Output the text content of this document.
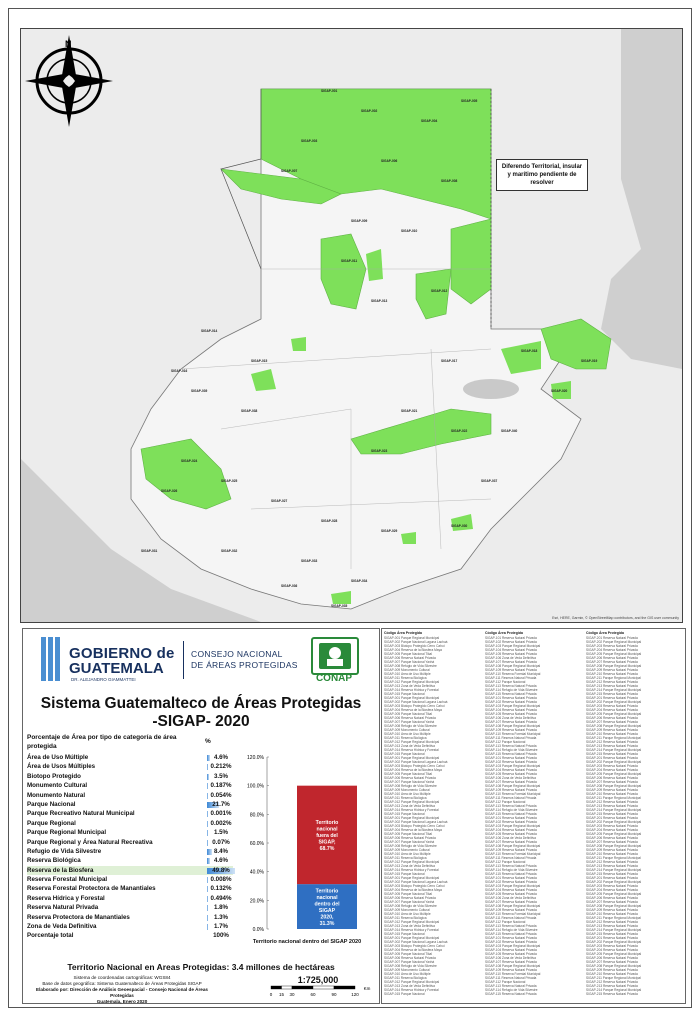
N
Diferendo Territorial, insular y marítimo pendiente de resolver
Esri, HERE, Garmin, © OpenStreetMap contributors, and the GIS user community
SIGAP-001
SIGAP-002
SIGAP-003
SIGAP-004
SIGAP-005
SIGAP-006
SIGAP-007
SIGAP-008
SIGAP-009
SIGAP-010
SIGAP-011
SIGAP-012
SIGAP-013
SIGAP-014
SIGAP-015
SIGAP-016
SIGAP-017
SIGAP-018
SIGAP-019
SIGAP-020
SIGAP-021
SIGAP-022
SIGAP-023
SIGAP-024
SIGAP-025
SIGAP-026
SIGAP-027
SIGAP-028
SIGAP-029
SIGAP-030
SIGAP-031	SIGAP-032
SIGAP-033
SIGAP-034
SIGAP-035
SIGAP-036
SIGAP-037
SIGAP-038
SIGAP-039
SIGAP-040
GOBIERNO de
GUATEMALA
DR. ALEJANDRO GIAMMATTEI
CONSEJO NACIONAL
DE ÁREAS PROTEGIDAS
CONAP
Sistema Guatemalteco de Áreas Protegidas
-SIGAP- 2020
Porcentaje de Área por tipo de categoría de área protegida
%
Área de Uso Múltiple	4.6%
Área de Usos Múltiples	0.212%
Biotopo Protegido	3.5%
Monumento Cultural	0.187%
Monumento Natural	0.054%
Parque Nacional	21.7%
Parque Recreativo Natural Municipal	0.001%
Parque Regional	0.002%
Parque Regional Municipal	1.5%
Parque Regional y Área Natural Recreativa	0.07%
Refugio de Vida Silvestre	8.4%
Reserva Biológica	4.6%
Reserva de la Biosfera	49.8%
Reserva Forestal Municipal	0.008%
Reserva Forestal Protectora de Manantiales	0.132%
Reserva Hídrica y Forestal	0.494%
Reserva Natural Privada	1.8%
Reserva Protectora de Manantiales	1.3%
Zona de Veda Definitiva	1.7%
Porcentaje total	100%
0.0%
20.0%
40.0%
60.0%
80.0%
100.0%
120.0%
Territorio
nacional
dentro del
SIGAP
2020,
31.3%
Territorio
nacional
fuera del
SIGAP,
68.7%
Territorio nacional dentro del SIGAP 2020
Territorio Nacional en Areas Protegidas: 3.4 millones de hectáreas
Sistema de coordenadas cartográficas: WGS84
Base de datos geográfica: Sistema Guatemalteco de Áreas Protegidas SIGAP
Elaborado por: Dirección de Análisis Geoespacial - Consejo Nacional de Áreas Protegidas
Guatemala, Enero 2020
1:725,000
0 15 30	60	90	120
Km
Código Área Protegida
SIGAP-001 Parque Regional Municipal
SIGAP-002 Parque Nacional Laguna Lachuá
SIGAP-003 Biotopo Protegido Cerro Cahuí
SIGAP-004 Reserva de la Biosfera Maya
SIGAP-005 Parque Nacional Tikal
SIGAP-006 Reserva Natural Privada
SIGAP-007 Parque Nacional Yaxhá
SIGAP-008 Refugio de Vida Silvestre
SIGAP-009 Monumento Cultural
SIGAP-010 Área de Uso Múltiple
SIGAP-011 Reserva Biológica
SIGAP-012 Parque Regional Municipal
SIGAP-013 Zona de Veda Definitiva
SIGAP-014 Reserva Hídrica y Forestal
SIGAP-015 Parque Nacional
SIGAP-001 Parque Regional Municipal
SIGAP-002 Parque Nacional Laguna Lachuá
SIGAP-003 Biotopo Protegido Cerro Cahuí
SIGAP-004 Reserva de la Biosfera Maya
SIGAP-005 Parque Nacional Tikal
SIGAP-006 Reserva Natural Privada
SIGAP-007 Parque Nacional Yaxhá
SIGAP-008 Refugio de Vida Silvestre
SIGAP-009 Monumento Cultural
SIGAP-010 Área de Uso Múltiple
SIGAP-011 Reserva Biológica
SIGAP-012 Parque Regional Municipal
SIGAP-013 Zona de Veda Definitiva
SIGAP-014 Reserva Hídrica y Forestal
SIGAP-015 Parque Nacional
SIGAP-001 Parque Regional Municipal
SIGAP-002 Parque Nacional Laguna Lachuá
SIGAP-003 Biotopo Protegido Cerro Cahuí
SIGAP-004 Reserva de la Biosfera Maya
SIGAP-005 Parque Nacional Tikal
SIGAP-006 Reserva Natural Privada
SIGAP-007 Parque Nacional Yaxhá
SIGAP-008 Refugio de Vida Silvestre
SIGAP-009 Monumento Cultural
SIGAP-010 Área de Uso Múltiple
SIGAP-011 Reserva Biológica
SIGAP-012 Parque Regional Municipal
SIGAP-013 Zona de Veda Definitiva
SIGAP-014 Reserva Hídrica y Forestal
SIGAP-015 Parque Nacional
SIGAP-001 Parque Regional Municipal
SIGAP-002 Parque Nacional Laguna Lachuá
SIGAP-003 Biotopo Protegido Cerro Cahuí
SIGAP-004 Reserva de la Biosfera Maya
SIGAP-005 Parque Nacional Tikal
SIGAP-006 Reserva Natural Privada
SIGAP-007 Parque Nacional Yaxhá
SIGAP-008 Refugio de Vida Silvestre
SIGAP-009 Monumento Cultural
SIGAP-010 Área de Uso Múltiple
SIGAP-011 Reserva Biológica
SIGAP-012 Parque Regional Municipal
SIGAP-013 Zona de Veda Definitiva
SIGAP-014 Reserva Hídrica y Forestal
SIGAP-015 Parque Nacional
SIGAP-001 Parque Regional Municipal
SIGAP-002 Parque Nacional Laguna Lachuá
SIGAP-003 Biotopo Protegido Cerro Cahuí
SIGAP-004 Reserva de la Biosfera Maya
SIGAP-005 Parque Nacional Tikal
SIGAP-006 Reserva Natural Privada
SIGAP-007 Parque Nacional Yaxhá
SIGAP-008 Refugio de Vida Silvestre
SIGAP-009 Monumento Cultural
SIGAP-010 Área de Uso Múltiple
SIGAP-011 Reserva Biológica
SIGAP-012 Parque Regional Municipal
SIGAP-013 Zona de Veda Definitiva
SIGAP-014 Reserva Hídrica y Forestal
SIGAP-015 Parque Nacional
SIGAP-001 Parque Regional Municipal
SIGAP-002 Parque Nacional Laguna Lachuá
SIGAP-003 Biotopo Protegido Cerro Cahuí
SIGAP-004 Reserva de la Biosfera Maya
SIGAP-005 Parque Nacional Tikal
SIGAP-006 Reserva Natural Privada
SIGAP-007 Parque Nacional Yaxhá
SIGAP-008 Refugio de Vida Silvestre
SIGAP-009 Monumento Cultural
SIGAP-010 Área de Uso Múltiple
SIGAP-011 Reserva Biológica
SIGAP-012 Parque Regional Municipal
SIGAP-013 Zona de Veda Definitiva
SIGAP-014 Reserva Hídrica y Forestal
SIGAP-015 Parque Nacional
Código Área Protegida
SIGAP-101 Reserva Natural Privada
SIGAP-102 Reserva Natural Privada
SIGAP-103 Parque Regional Municipal
SIGAP-104 Reserva Natural Privada
SIGAP-105 Reserva Natural Privada
SIGAP-106 Zona de Veda Definitiva
SIGAP-107 Reserva Natural Privada
SIGAP-108 Parque Regional Municipal
SIGAP-109 Reserva Natural Privada
SIGAP-110 Reserva Forestal Municipal
SIGAP-111 Reserva Natural Privada
SIGAP-112 Parque Nacional
SIGAP-113 Reserva Natural Privada
SIGAP-114 Refugio de Vida Silvestre
SIGAP-115 Reserva Natural Privada
SIGAP-101 Reserva Natural Privada
SIGAP-102 Reserva Natural Privada
SIGAP-103 Parque Regional Municipal
SIGAP-104 Reserva Natural Privada
SIGAP-105 Reserva Natural Privada
SIGAP-106 Zona de Veda Definitiva
SIGAP-107 Reserva Natural Privada
SIGAP-108 Parque Regional Municipal
SIGAP-109 Reserva Natural Privada
SIGAP-110 Reserva Forestal Municipal
SIGAP-111 Reserva Natural Privada
SIGAP-112 Parque Nacional
SIGAP-113 Reserva Natural Privada
SIGAP-114 Refugio de Vida Silvestre
SIGAP-115 Reserva Natural Privada
SIGAP-101 Reserva Natural Privada
SIGAP-102 Reserva Natural Privada
SIGAP-103 Parque Regional Municipal
SIGAP-104 Reserva Natural Privada
SIGAP-105 Reserva Natural Privada
SIGAP-106 Zona de Veda Definitiva
SIGAP-107 Reserva Natural Privada
SIGAP-108 Parque Regional Municipal
SIGAP-109 Reserva Natural Privada
SIGAP-110 Reserva Forestal Municipal
SIGAP-111 Reserva Natural Privada
SIGAP-112 Parque Nacional
SIGAP-113 Reserva Natural Privada
SIGAP-114 Refugio de Vida Silvestre
SIGAP-115 Reserva Natural Privada
SIGAP-101 Reserva Natural Privada
SIGAP-102 Reserva Natural Privada
SIGAP-103 Parque Regional Municipal
SIGAP-104 Reserva Natural Privada
SIGAP-105 Reserva Natural Privada
SIGAP-106 Zona de Veda Definitiva
SIGAP-107 Reserva Natural Privada
SIGAP-108 Parque Regional Municipal
SIGAP-109 Reserva Natural Privada
SIGAP-110 Reserva Forestal Municipal
SIGAP-111 Reserva Natural Privada
SIGAP-112 Parque Nacional
SIGAP-113 Reserva Natural Privada
SIGAP-114 Refugio de Vida Silvestre
SIGAP-115 Reserva Natural Privada
SIGAP-101 Reserva Natural Privada
SIGAP-102 Reserva Natural Privada
SIGAP-103 Parque Regional Municipal
SIGAP-104 Reserva Natural Privada
SIGAP-105 Reserva Natural Privada
SIGAP-106 Zona de Veda Definitiva
SIGAP-107 Reserva Natural Privada
SIGAP-108 Parque Regional Municipal
SIGAP-109 Reserva Natural Privada
SIGAP-110 Reserva Forestal Municipal
SIGAP-111 Reserva Natural Privada
SIGAP-112 Parque Nacional
SIGAP-113 Reserva Natural Privada
SIGAP-114 Refugio de Vida Silvestre
SIGAP-115 Reserva Natural Privada
SIGAP-101 Reserva Natural Privada
SIGAP-102 Reserva Natural Privada
SIGAP-103 Parque Regional Municipal
SIGAP-104 Reserva Natural Privada
SIGAP-105 Reserva Natural Privada
SIGAP-106 Zona de Veda Definitiva
SIGAP-107 Reserva Natural Privada
SIGAP-108 Parque Regional Municipal
SIGAP-109 Reserva Natural Privada
SIGAP-110 Reserva Forestal Municipal
SIGAP-111 Reserva Natural Privada
SIGAP-112 Parque Nacional
SIGAP-113 Reserva Natural Privada
SIGAP-114 Refugio de Vida Silvestre
SIGAP-115 Reserva Natural Privada
Código Área Protegida
SIGAP-201 Reserva Natural Privada
SIGAP-202 Parque Regional Municipal
SIGAP-203 Reserva Natural Privada
SIGAP-204 Reserva Natural Privada
SIGAP-205 Parque Regional Municipal
SIGAP-206 Reserva Natural Privada
SIGAP-207 Reserva Natural Privada
SIGAP-208 Parque Regional Municipal
SIGAP-209 Reserva Natural Privada
SIGAP-210 Reserva Natural Privada
SIGAP-211 Parque Regional Municipal
SIGAP-212 Reserva Natural Privada
SIGAP-213 Reserva Natural Privada
SIGAP-214 Parque Regional Municipal
SIGAP-215 Reserva Natural Privada
SIGAP-201 Reserva Natural Privada
SIGAP-202 Parque Regional Municipal
SIGAP-203 Reserva Natural Privada
SIGAP-204 Reserva Natural Privada
SIGAP-205 Parque Regional Municipal
SIGAP-206 Reserva Natural Privada
SIGAP-207 Reserva Natural Privada
SIGAP-208 Parque Regional Municipal
SIGAP-209 Reserva Natural Privada
SIGAP-210 Reserva Natural Privada
SIGAP-211 Parque Regional Municipal
SIGAP-212 Reserva Natural Privada
SIGAP-213 Reserva Natural Privada
SIGAP-214 Parque Regional Municipal
SIGAP-215 Reserva Natural Privada
SIGAP-201 Reserva Natural Privada
SIGAP-202 Parque Regional Municipal
SIGAP-203 Reserva Natural Privada
SIGAP-204 Reserva Natural Privada
SIGAP-205 Parque Regional Municipal
SIGAP-206 Reserva Natural Privada
SIGAP-207 Reserva Natural Privada
SIGAP-208 Parque Regional Municipal
SIGAP-209 Reserva Natural Privada
SIGAP-210 Reserva Natural Privada
SIGAP-211 Parque Regional Municipal
SIGAP-212 Reserva Natural Privada
SIGAP-213 Reserva Natural Privada
SIGAP-214 Parque Regional Municipal
SIGAP-215 Reserva Natural Privada
SIGAP-201 Reserva Natural Privada
SIGAP-202 Parque Regional Municipal
SIGAP-203 Reserva Natural Privada
SIGAP-204 Reserva Natural Privada
SIGAP-205 Parque Regional Municipal
SIGAP-206 Reserva Natural Privada
SIGAP-207 Reserva Natural Privada
SIGAP-208 Parque Regional Municipal
SIGAP-209 Reserva Natural Privada
SIGAP-210 Reserva Natural Privada
SIGAP-211 Parque Regional Municipal
SIGAP-212 Reserva Natural Privada
SIGAP-213 Reserva Natural Privada
SIGAP-214 Parque Regional Municipal
SIGAP-215 Reserva Natural Privada
SIGAP-201 Reserva Natural Privada
SIGAP-202 Parque Regional Municipal
SIGAP-203 Reserva Natural Privada
SIGAP-204 Reserva Natural Privada
SIGAP-205 Parque Regional Municipal
SIGAP-206 Reserva Natural Privada
SIGAP-207 Reserva Natural Privada
SIGAP-208 Parque Regional Municipal
SIGAP-209 Reserva Natural Privada
SIGAP-210 Reserva Natural Privada
SIGAP-211 Parque Regional Municipal
SIGAP-212 Reserva Natural Privada
SIGAP-213 Reserva Natural Privada
SIGAP-214 Parque Regional Municipal
SIGAP-215 Reserva Natural Privada
SIGAP-201 Reserva Natural Privada
SIGAP-202 Parque Regional Municipal
SIGAP-203 Reserva Natural Privada
SIGAP-204 Reserva Natural Privada
SIGAP-205 Parque Regional Municipal
SIGAP-206 Reserva Natural Privada
SIGAP-207 Reserva Natural Privada
SIGAP-208 Parque Regional Municipal
SIGAP-209 Reserva Natural Privada
SIGAP-210 Reserva Natural Privada
SIGAP-211 Parque Regional Municipal
SIGAP-212 Reserva Natural Privada
SIGAP-213 Reserva Natural Privada
SIGAP-214 Parque Regional Municipal
SIGAP-215 Reserva Natural Privada
